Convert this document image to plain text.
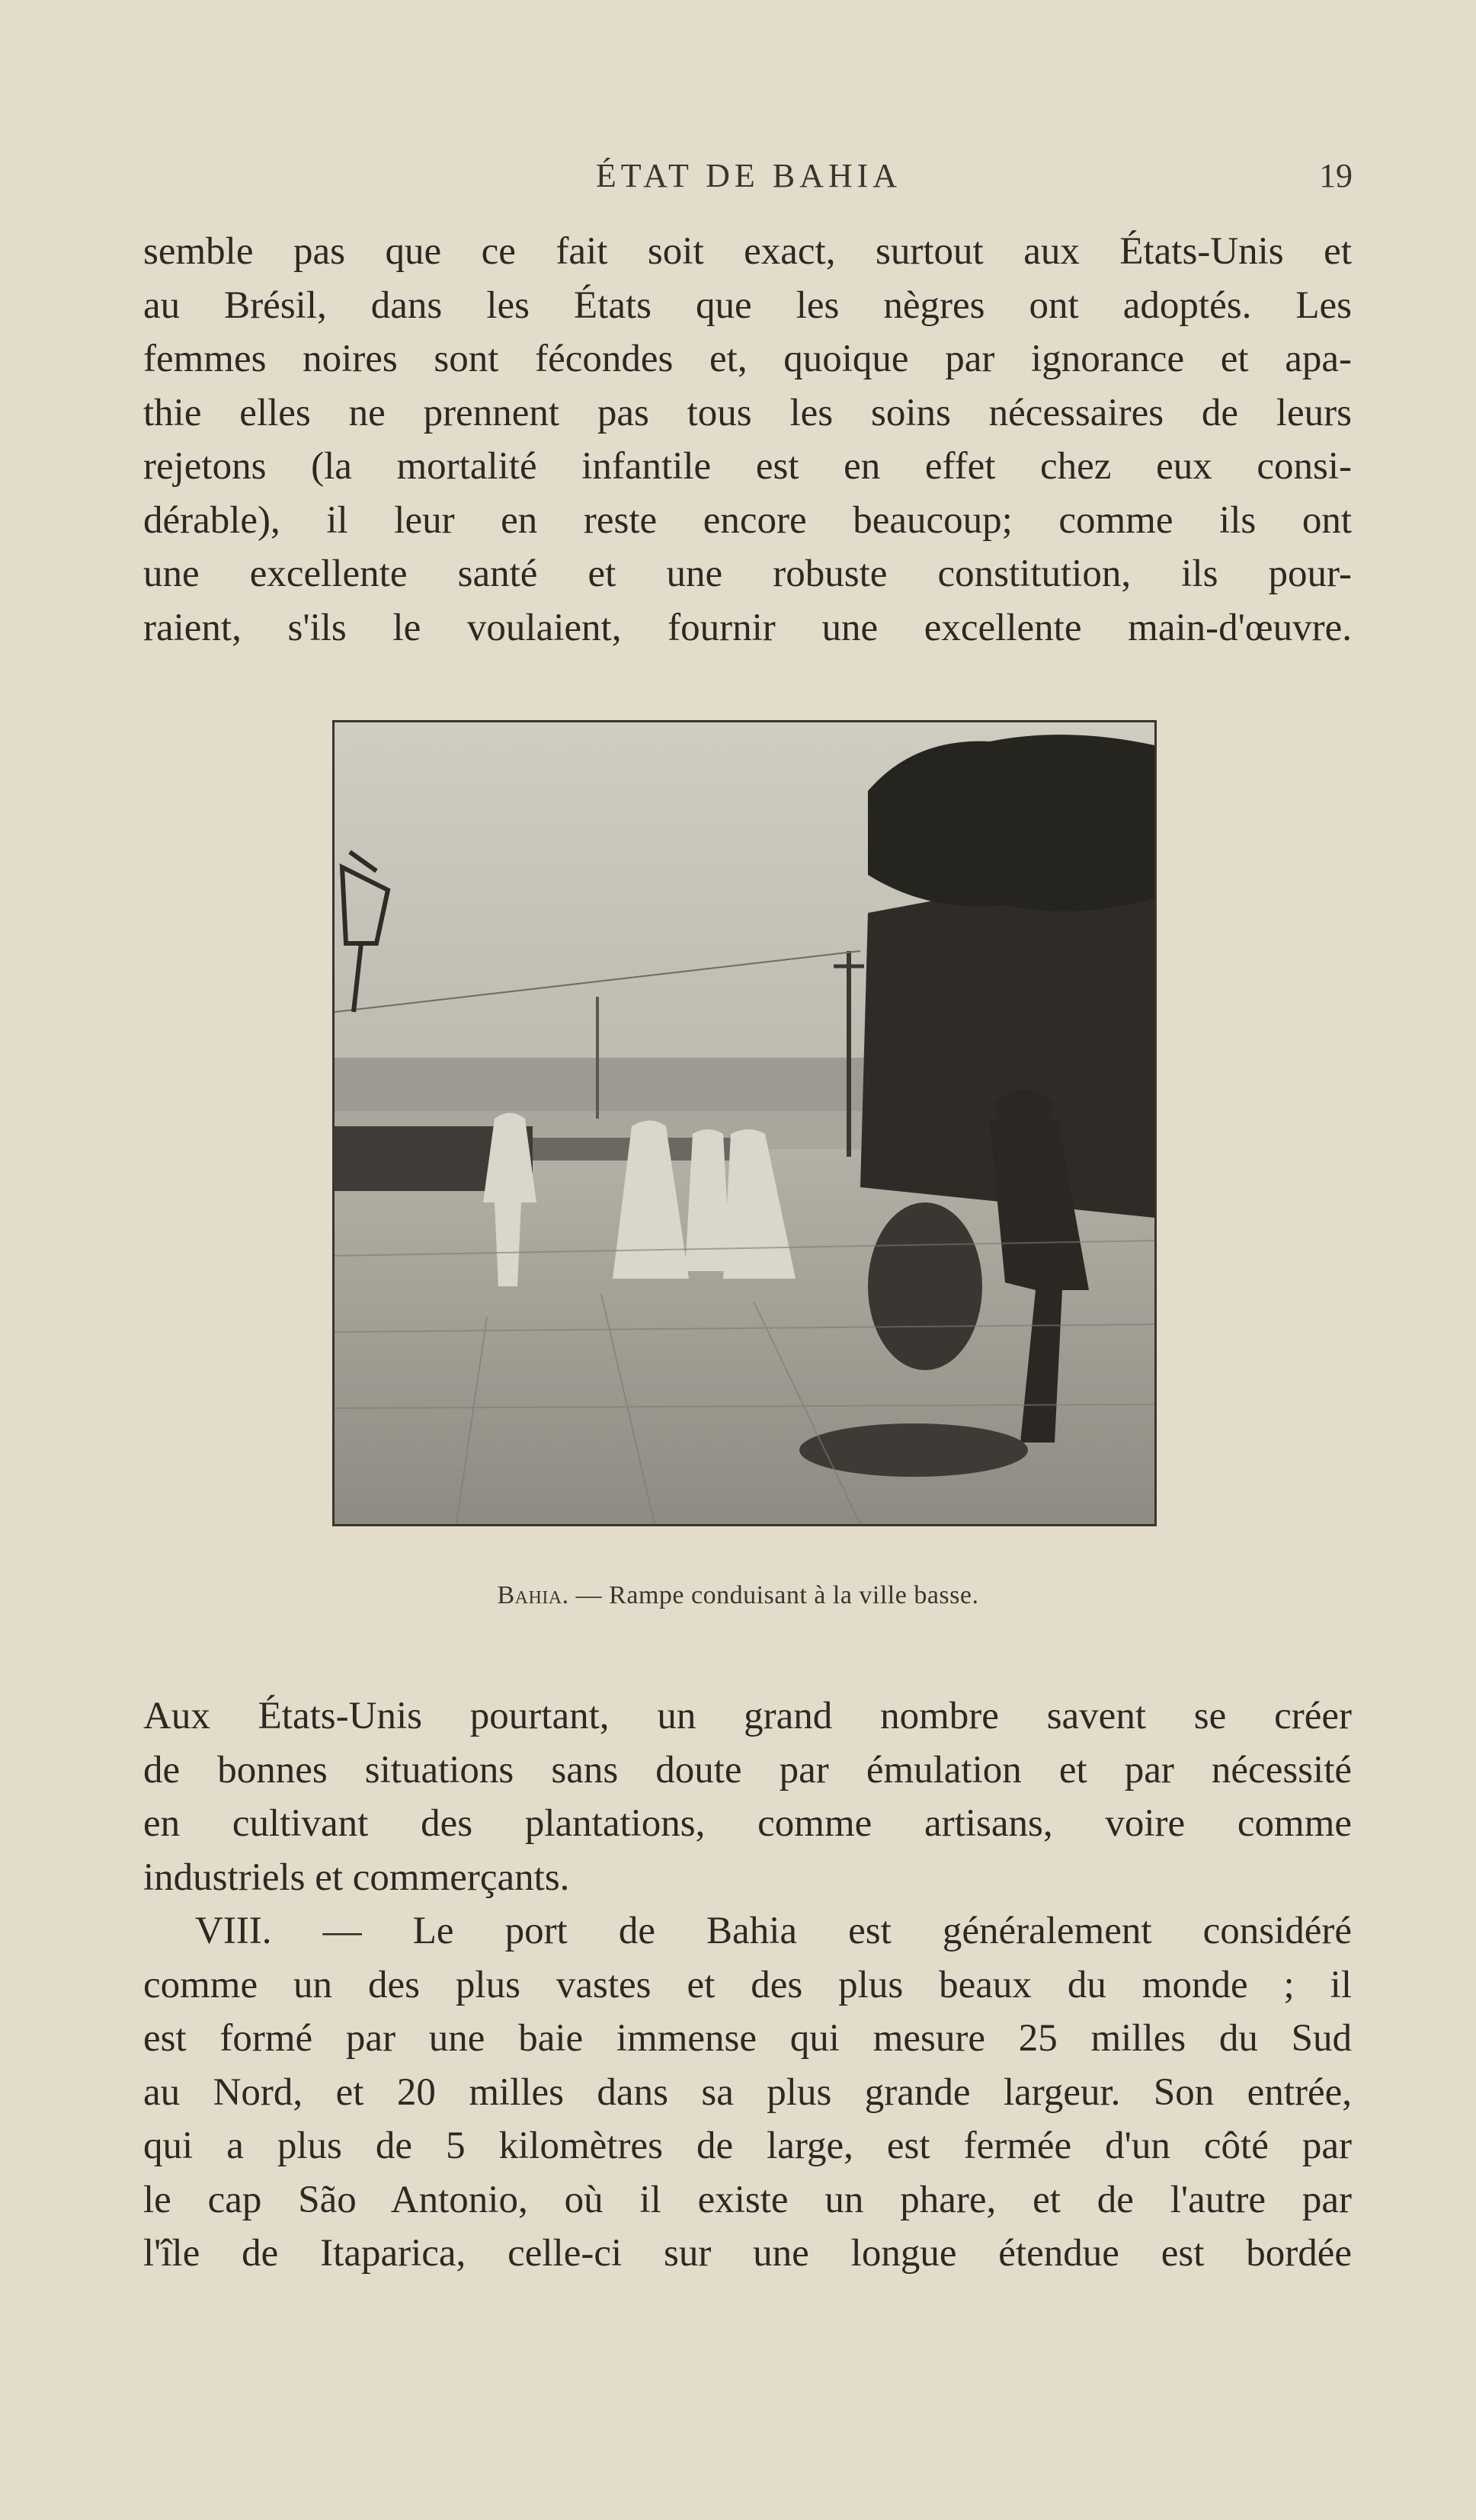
ÉTAT DE BAHIA	19
semble pas que ce fait soit exact, surtout aux États-Unis et
au Brésil, dans les États que les nègres ont adoptés. Les
femmes noires sont fécondes et, quoique par ignorance et apa-
thie elles ne prennent pas tous les soins nécessaires de leurs
rejetons (la mortalité infantile est en effet chez eux consi-
dérable), il leur en reste encore beaucoup; comme ils ont
une excellente santé et une robuste constitution, ils pour-
raient, s'ils le voulaient, fournir une excellente main-d'œuvre.
Bahia. — Rampe conduisant à la ville basse.
Aux États-Unis pourtant, un grand nombre savent se créer
de bonnes situations sans doute par émulation et par nécessité
en cultivant des plantations, comme artisans, voire comme
industriels et commerçants.
VIII. — Le port de Bahia est généralement considéré
comme un des plus vastes et des plus beaux du monde ; il
est formé par une baie immense qui mesure 25 milles du Sud
au Nord, et 20 milles dans sa plus grande largeur. Son entrée,
qui a plus de 5 kilomètres de large, est fermée d'un côté par
le cap São Antonio, où il existe un phare, et de l'autre par
l'île de Itaparica, celle-ci sur une longue étendue est bordée
